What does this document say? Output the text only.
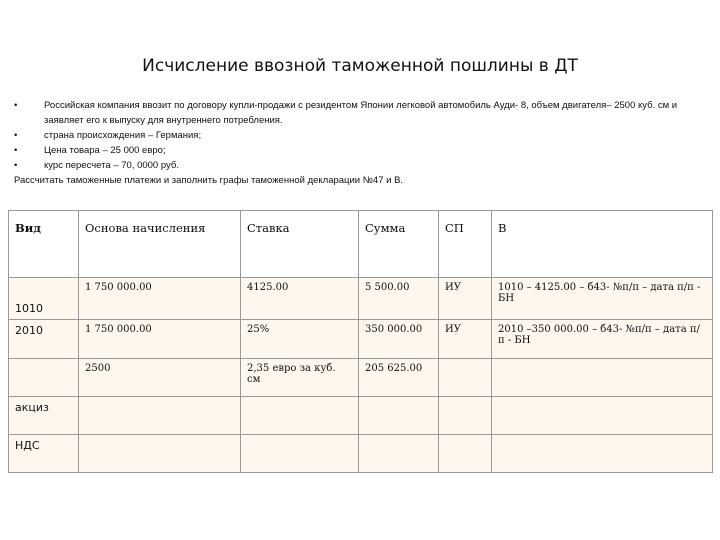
Исчисление ввозной таможенной пошлины в ДТ
•	Российская компания ввозит по договору купли-продажи с резидентом Японии легковой автомобиль Ауди- 8, объем двигателя– 2500 куб. см и заявляет его к выпуску для внутреннего потребления.
•	страна происхождения – Германия;
•	Цена товара – 25 000 евро;
•	курс пересчета – 70, 0000 руб.
Рассчитать таможенные платежи и заполнить графы таможенной декларации №47 и В.
Вид	Основа начисления	Ставка	Сумма	СП	В
1010	1 750 000.00	4125.00	5 500.00	ИУ	1010 – 4125.00 – б43- №п/п – дата п/п - БН
2010	1 750 000.00	25%	350 000.00	ИУ	2010 –350 000.00 – б43- №п/п – дата п/п - БН
	2500	2,35 евро за куб. см	205 625.00		
акциз					
НДС					
